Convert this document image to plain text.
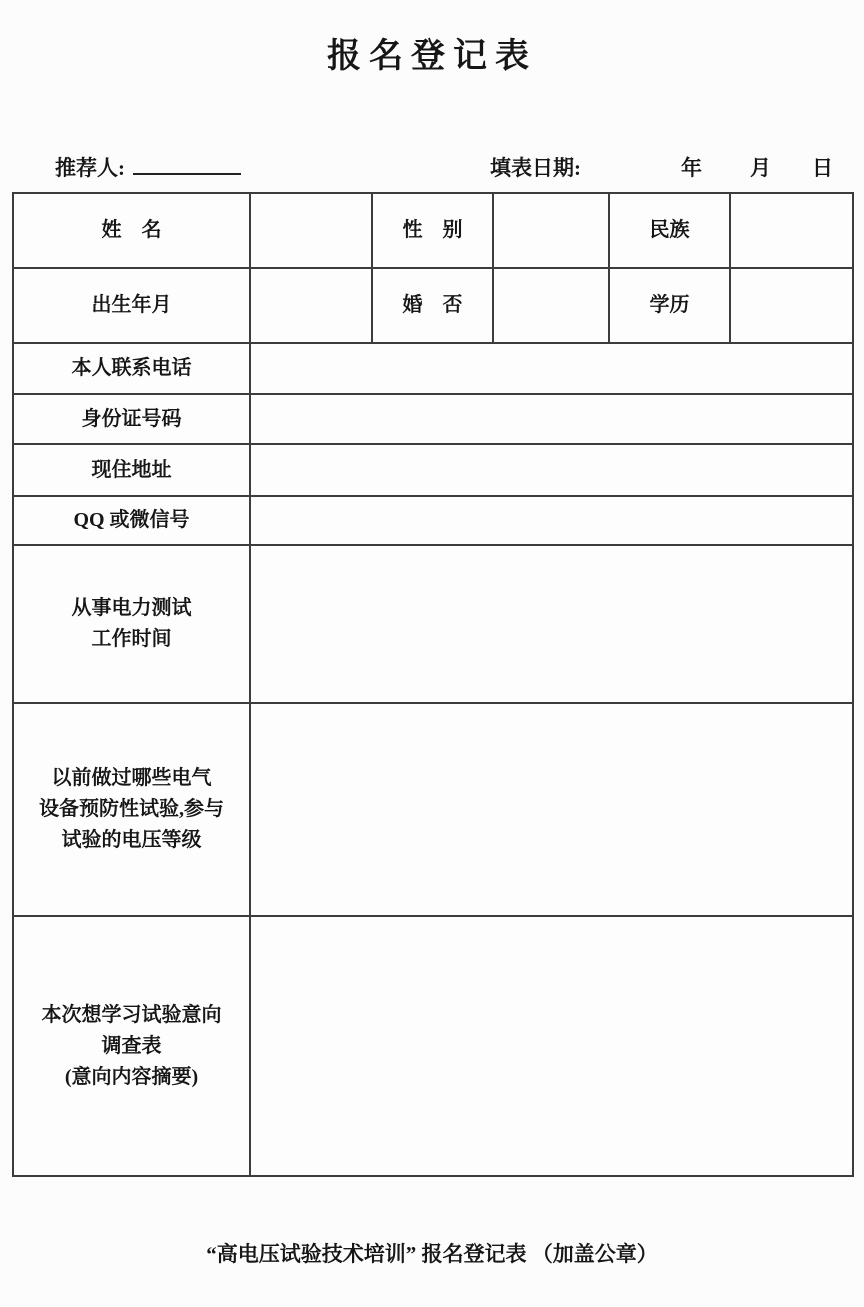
报名登记表
推荐人:	填表日期:	年 月 日
姓　名		性　别		民族	
出生年月		婚　否		学历	
本人联系电话					
身份证号码					
现住地址					
QQ 或微信号					

从事电力测试
工作时间					

以前做过哪些电气
设备预防性试验,参与
试验的电压等级					

本次想学习试验意向
调查表
(意向内容摘要)					

“高电压试验技术培训” 报名登记表 （加盖公章）
